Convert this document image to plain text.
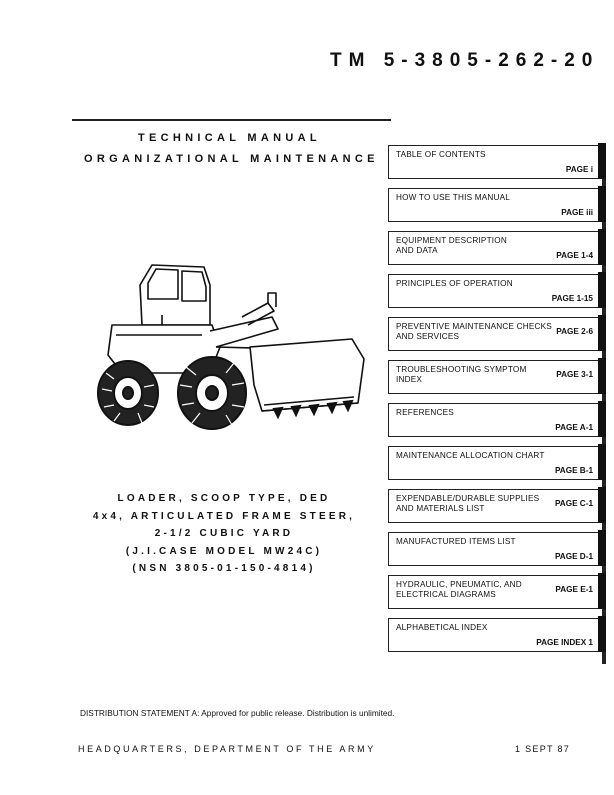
TM 5-3805-262-20
TECHNICAL MANUAL
ORGANIZATIONAL MAINTENANCE
LOADER, SCOOP TYPE, DED
4x4, ARTICULATED FRAME STEER,
2-1/2 CUBIC YARD
(J.I.CASE MODEL MW24C)
(NSN 3805-01-150-4814)
TABLE OF CONTENTS
PAGE i
HOW TO USE THIS MANUAL
PAGE iii
EQUIPMENT DESCRIPTION
AND DATA
PAGE 1-4
PRINCIPLES OF OPERATION
PAGE 1-15
PREVENTIVE MAINTENANCE CHECKS
AND SERVICES
PAGE 2-6
TROUBLESHOOTING SYMPTOM
INDEX
PAGE 3-1
REFERENCES
PAGE A-1
MAINTENANCE ALLOCATION CHART
PAGE B-1
EXPENDABLE/DURABLE SUPPLIES
AND MATERIALS LIST
PAGE C-1
MANUFACTURED ITEMS LIST
PAGE D-1
HYDRAULIC, PNEUMATIC, AND
ELECTRICAL DIAGRAMS
PAGE E-1
ALPHABETICAL INDEX
PAGE INDEX 1
DISTRIBUTION STATEMENT A: Approved for public release. Distribution is unlimited.
HEADQUARTERS, DEPARTMENT OF THE ARMY	1 SEPT 87
